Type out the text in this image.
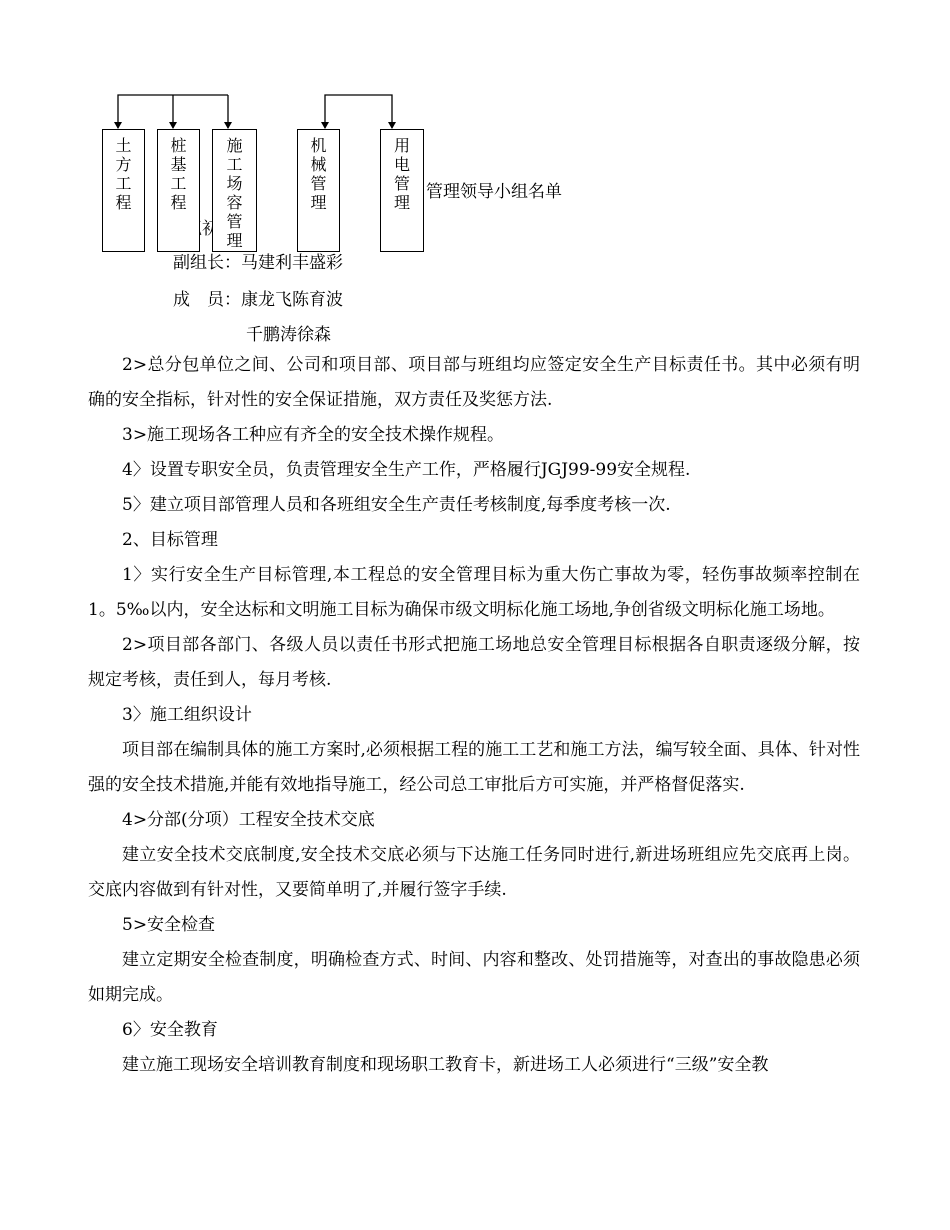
土方工程
桩基工程
施工场容管理
机械管理
用电管理
管理领导小组名单
副组长：马建利丰盛彩
成　员：康龙飞陈育波
千鹏涛徐森

2>总分包单位之间、公司和项目部、项目部与班组均应签定安全生产目标责任书。其中必须有明确的安全指标，针对性的安全保证措施，双方责任及奖惩方法.

3>施工现场各工种应有齐全的安全技术操作规程。

4〉设置专职安全员，负责管理安全生产工作，严格履行JGJ99-99安全规程.

5〉建立项目部管理人员和各班组安全生产责任考核制度,每季度考核一次.

2、目标管理

1〉实行安全生产目标管理,本工程总的安全管理目标为重大伤亡事故为零，轻伤事故频率控制在1。5‰以内，安全达标和文明施工目标为确保市级文明标化施工场地,争创省级文明标化施工场地。

2>项目部各部门、各级人员以责任书形式把施工场地总安全管理目标根据各自职责逐级分解，按规定考核，责任到人，每月考核.

3〉施工组织设计

项目部在编制具体的施工方案时,必须根据工程的施工工艺和施工方法，编写较全面、具体、针对性强的安全技术措施,并能有效地指导施工，经公司总工审批后方可实施，并严格督促落实.

4>分部(分项）工程安全技术交底

建立安全技术交底制度,安全技术交底必须与下达施工任务同时进行,新进场班组应先交底再上岗。交底内容做到有针对性，又要简单明了,并履行签字手续.

5>安全检查

建立定期安全检查制度，明确检查方式、时间、内容和整改、处罚措施等，对查出的事故隐患必须如期完成。

6〉安全教育

建立施工现场安全培训教育制度和现场职工教育卡，新进场工人必须进行“三级”安全教
